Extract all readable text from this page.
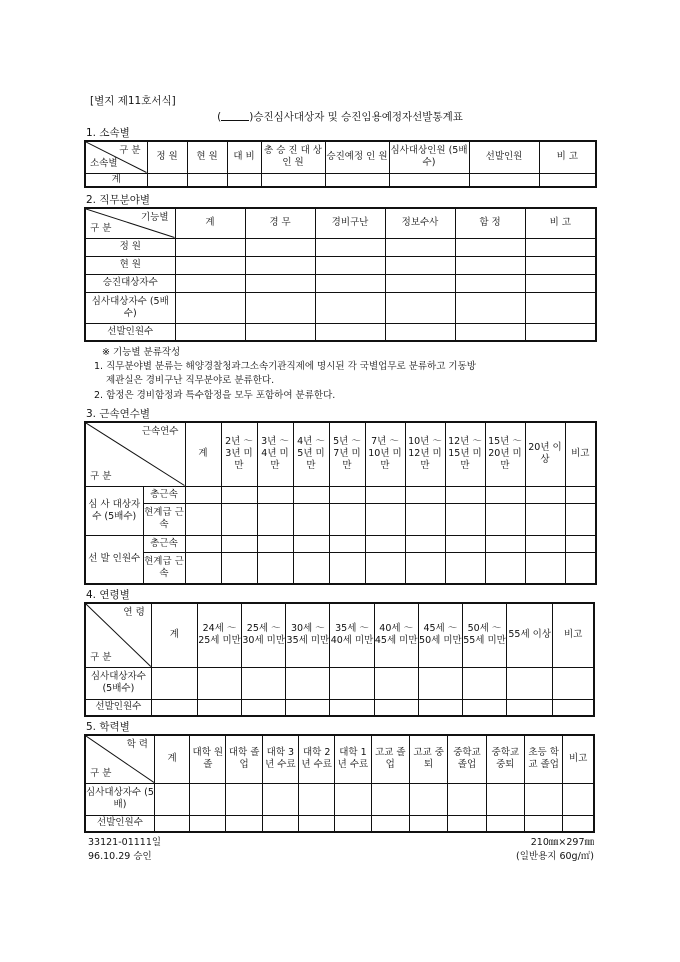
[별지 제11호서식]
(	)승진심사대상자 및 승진임용예정자선발통계표
1. 소속별
구 분
소속별	정 원	현 원	대 비	총 승 진 대 상 인 원	승진예정 인 원	심사대상인원 (5배수)	선발인원	비 고
계								
2. 직무분야별
기능별
구 분	계	경 무	경비구난	정보수사	함 정	비 고
정 원						
현 원						
승진대상자수						
심사대상자수 (5배수)						
선발인원수						
※ 기능별 분류작성
1. 직무분야별 분류는 해양경찰청과그소속기관직제에 명시된 각 국별업무로 분류하고 기동방
제관실은 경비구난 직무분야로 분류한다.
2. 함정은 경비함정과 특수함정을 모두 포함하여 분류한다.
3. 근속연수별
근속연수
구 분		계	2년 ～ 3년 미만	3년 ～ 4년 미만	4년 ～ 5년 미만	5년 ～ 7년 미만	7년 ～ 10년 미만	10년 ～ 12년 미만	12년 ～ 15년 미만	15년 ～ 20년 미만	20년 이상	비고
심 사 대상자수 (5배수)	총근속											
	현계급 근 속											
선 발 인원수	총근속											
	현계급 근 속											
4. 연령별
연 령
구 분	계	24세 ～ 25세 미만	25세 ～ 30세 미만	30세 ～ 35세 미만	35세 ～ 40세 미만	40세 ～ 45세 미만	45세 ～ 50세 미만	50세 ～ 55세 미만	55세 이상	비고
심사대상자수 (5배수)										
선발인원수										
5. 학력별
학 력
구 분	계	대학 원졸	대학 졸업	대학 3년 수료	대학 2년 수료	대학 1년 수료	고교 졸업	고교 중퇴	중학교 졸업	중학교 중퇴	초등 학교 졸업	비고
심사대상자수 (5배)												
선발인원수												
33121-01111일
96.10.29 승인
210㎜×297㎜
(일반용지 60g/㎡)
